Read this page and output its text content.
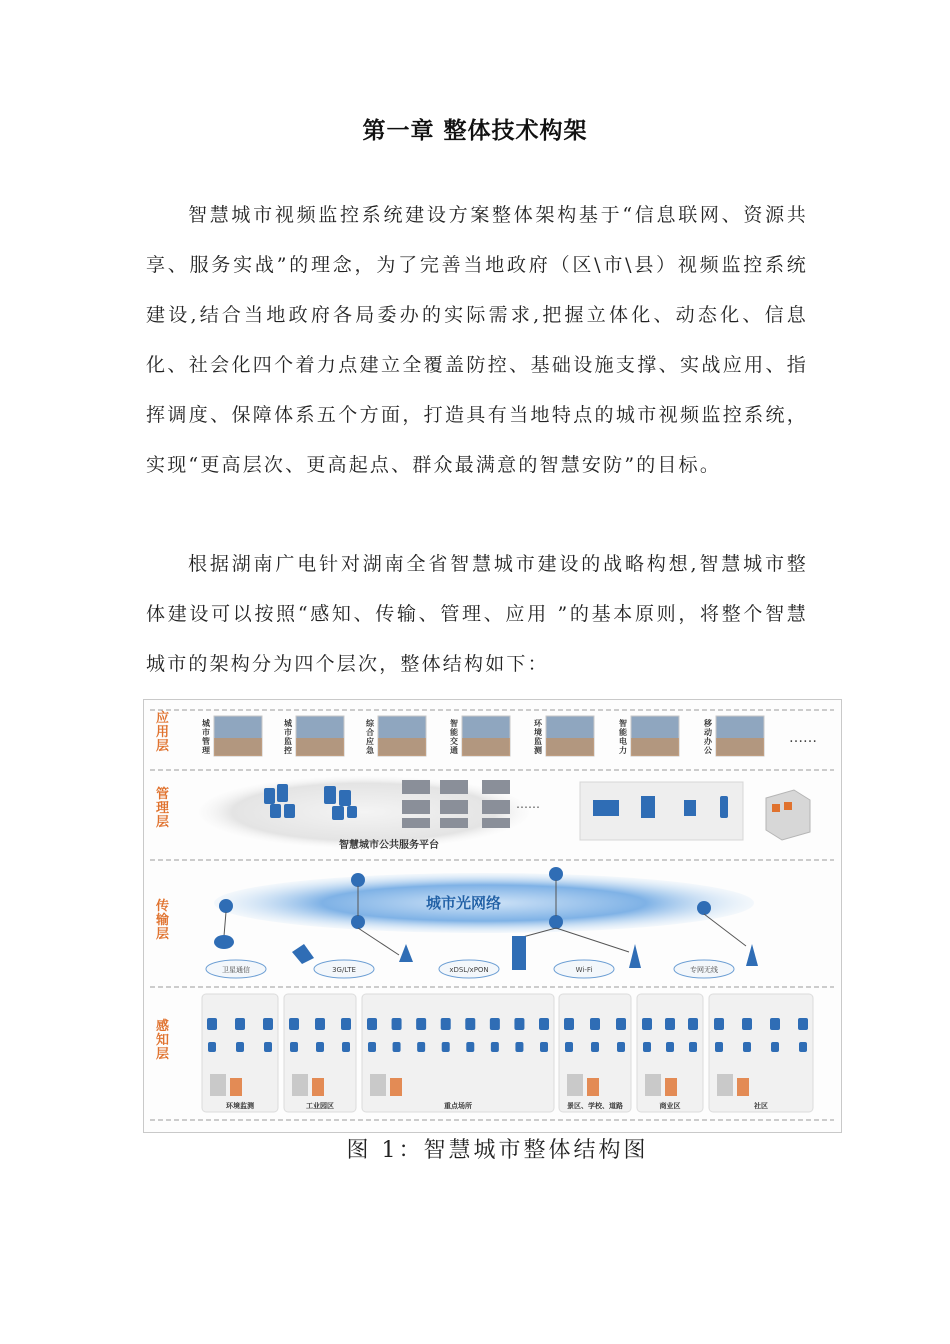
第一章 整体技术构架

智慧城市视频监控系统建设方案整体架构基于“信息联网、资源共享、服务实战”的理念，为了完善当地政府（区\市\县）视频监控系统建设,结合当地政府各局委办的实际需求,把握立体化、动态化、信息化、社会化四个着力点建立全覆盖防控、基础设施支撑、实战应用、指挥调度、保障体系五个方面，打造具有当地特点的城市视频监控系统，实现“更高层次、更高起点、群众最满意的智慧安防”的目标。

根据湖南广电针对湖南全省智慧城市建设的战略构想,智慧城市整体建设可以按照“感知、传输、管理、应用 ”的基本原则，将整个智慧城市的架构分为四个层次，整体结构如下：

应用层
管理层
传输层
感知层
城市管理
城市监控
综合应急
智能交通
环境监测
智能电力
移动办公
……
……
智慧城市公共服务平台
城市光网络
卫星通信	3G/LTE	xDSL/xPON	Wi-Fi	专网无线
环境监测	工业园区	重点场所	景区、学校、道路	商业区	社区
图 1：智慧城市整体结构图
